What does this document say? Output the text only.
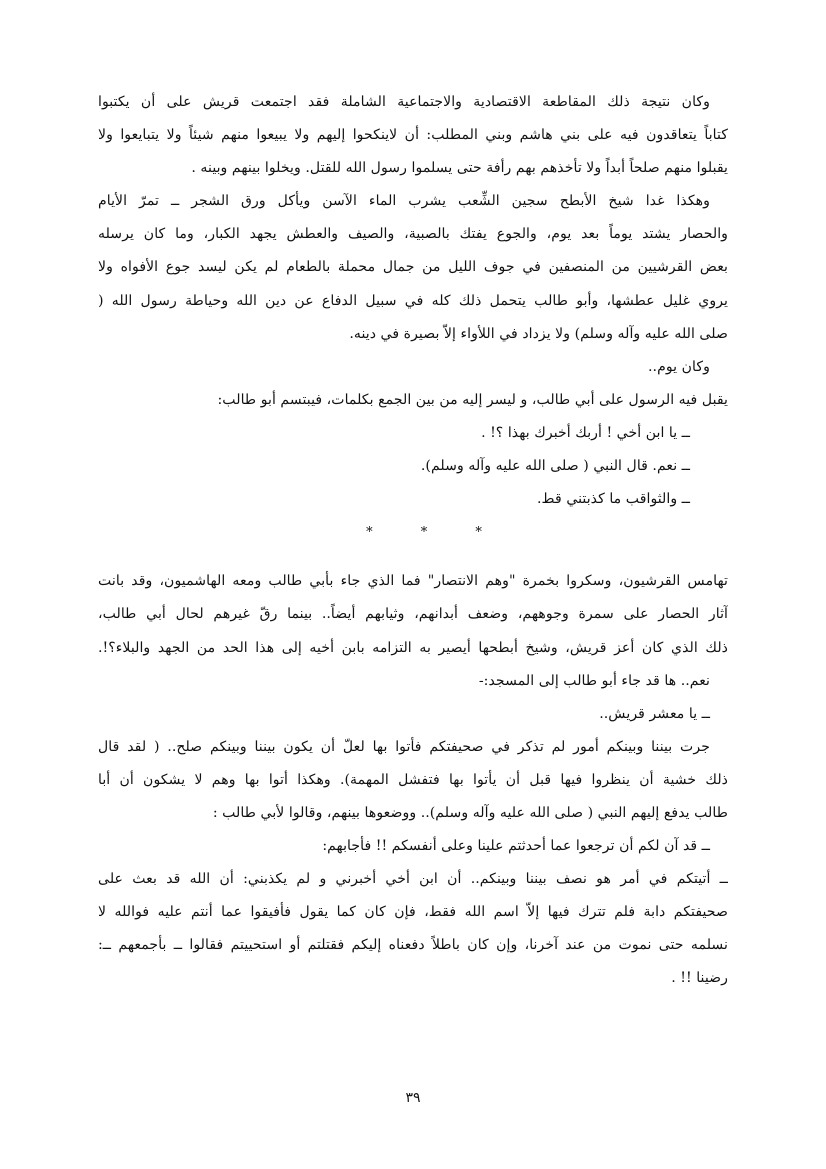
وكان نتيجة ذلك المقاطعة الاقتصادية والاجتماعية الشاملة فقد اجتمعت قريش على أن يكتبوا
كتاباً يتعاقدون فيه على بني هاشم وبني المطلب: أن لاينكحوا إليهم ولا يبيعوا منهم شيئاً ولا يتبايعوا ولا
يقبلوا منهم صلحاً أبداً ولا تأخذهم بهم رأفة حتى يسلموا رسول الله للقتل. ويخلوا بينهم وبينه .
وهكذا غدا شيخ الأبطح سجين الشِّعب يشرب الماء الآسن ويأكل ورق الشجر ــ تمرّ الأيام
والحصار يشتد يوماً بعد يوم، والجوع يفتك بالصبية، والصيف والعطش يجهد الكبار، وما كان يرسله
بعض القرشيين من المنصفين في جوف الليل من جمال محملة بالطعام لم يكن ليسد جوع الأفواه ولا
يروي غليل عطشها، وأبو طالب يتحمل ذلك كله في سبيل الدفاع عن دين الله وحياطة رسول الله (
صلى الله عليه وآله وسلم) ولا يزداد في اللأواء إلاّ بصيرة في دينه.
وكان يوم..
يقبل فيه الرسول على أبي طالب، و ليسر إليه من بين الجمع بكلمات، فيبتسم أبو طالب:
ــ يا ابن أخي ! أربك أخبرك بهذا ؟! .
ــ نعم. قال النبي ( صلى الله عليه وآله وسلم).
ــ والثواقب ما كذبتني قط.
* * *
تهامس القرشيون، وسكروا بخمرة "وهم الانتصار" فما الذي جاء بأبي طالب ومعه الهاشميون، وقد بانت
آثار الحصار على سمرة وجوههم، وضعف أبدانهم، وثيابهم أيضاً.. بينما رقّ غيرهم لحال أبي طالب،
ذلك الذي كان أعز قريش، وشيخ أبطحها أيصير به التزامه بابن أخيه إلى هذا الحد من الجهد والبلاء؟!.
نعم.. ها قد جاء أبو طالب إلى المسجد:-
ــ يا معشر قريش..
جرت بيننا وبينكم أمور لم تذكر في صحيفتكم فأتوا بها لعلّ أن يكون بيننا وبينكم صلح.. ( لقد قال
ذلك خشية أن ينظروا فيها قبل أن يأتوا بها فتفشل المهمة). وهكذا أتوا بها وهم لا يشكون أن أبا
طالب يدفع إليهم النبي ( صلى الله عليه وآله وسلم).. ووضعوها بينهم، وقالوا لأبي طالب :
ــ قد آن لكم أن ترجعوا عما أحدثتم علينا وعلى أنفسكم !! فأجابهم:
ــ أتيتكم في أمر هو نصف بيننا وبينكم.. أن ابن أخي أخبرني و لم يكذبني: أن الله قد بعث على
صحيفتكم دابة فلم تترك فيها إلاّ اسم الله فقط، فإن كان كما يقول فأفيقوا عما أنتم عليه فوالله لا
نسلمه حتى نموت من عند آخرنا، وإن كان باطلاً دفعناه إليكم فقتلتم أو استحييتم فقالوا ــ بأجمعهم ــ:
رضينا !! .
٣٩
